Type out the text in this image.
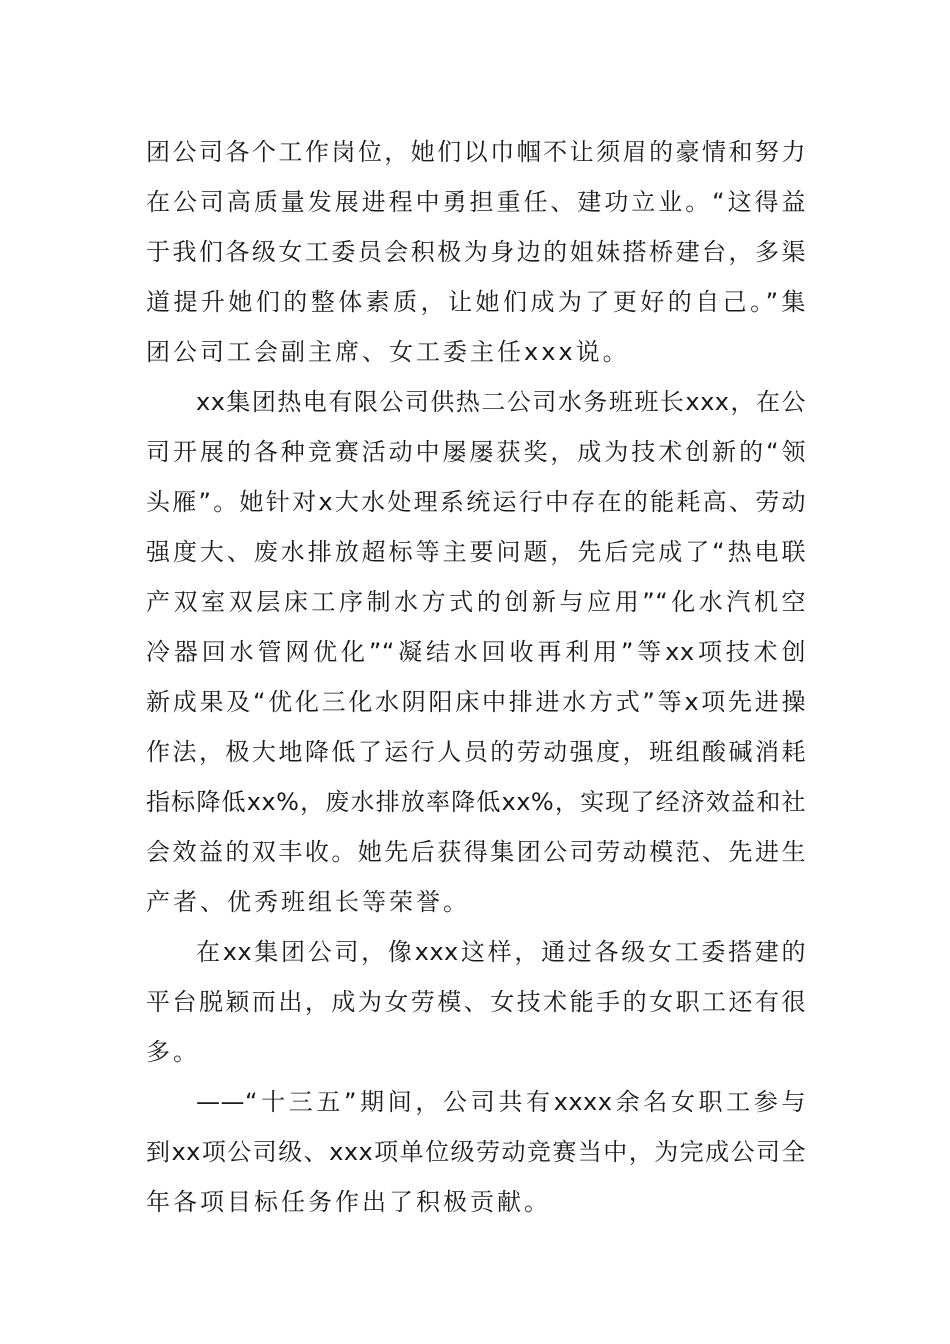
团公司各个工作岗位，她们以巾帼不让须眉的豪情和努力
在公司高质量发展进程中勇担重任、建功立业。“这得益
于我们各级女工委员会积极为身边的姐妹搭桥建台，多渠
道提升她们的整体素质，让她们成为了更好的自己。”集
团公司工会副主席、女工委主任xxx说。
xx集团热电有限公司供热二公司水务班班长xxx，在公
司开展的各种竞赛活动中屡屡获奖，成为技术创新的“领
头雁”。她针对x大水处理系统运行中存在的能耗高、劳动
强度大、废水排放超标等主要问题，先后完成了“热电联
产双室双层床工序制水方式的创新与应用”“化水汽机空
冷器回水管网优化”“凝结水回收再利用”等xx项技术创
新成果及“优化三化水阴阳床中排进水方式”等x项先进操
作法，极大地降低了运行人员的劳动强度，班组酸碱消耗
指标降低xx%，废水排放率降低xx%，实现了经济效益和社
会效益的双丰收。她先后获得集团公司劳动模范、先进生
产者、优秀班组长等荣誉。
在xx集团公司，像xxx这样，通过各级女工委搭建的
平台脱颖而出，成为女劳模、女技术能手的女职工还有很
多。
——“十三五”期间，公司共有xxxx余名女职工参与
到xx项公司级、xxx项单位级劳动竞赛当中，为完成公司全
年各项目标任务作出了积极贡献。
